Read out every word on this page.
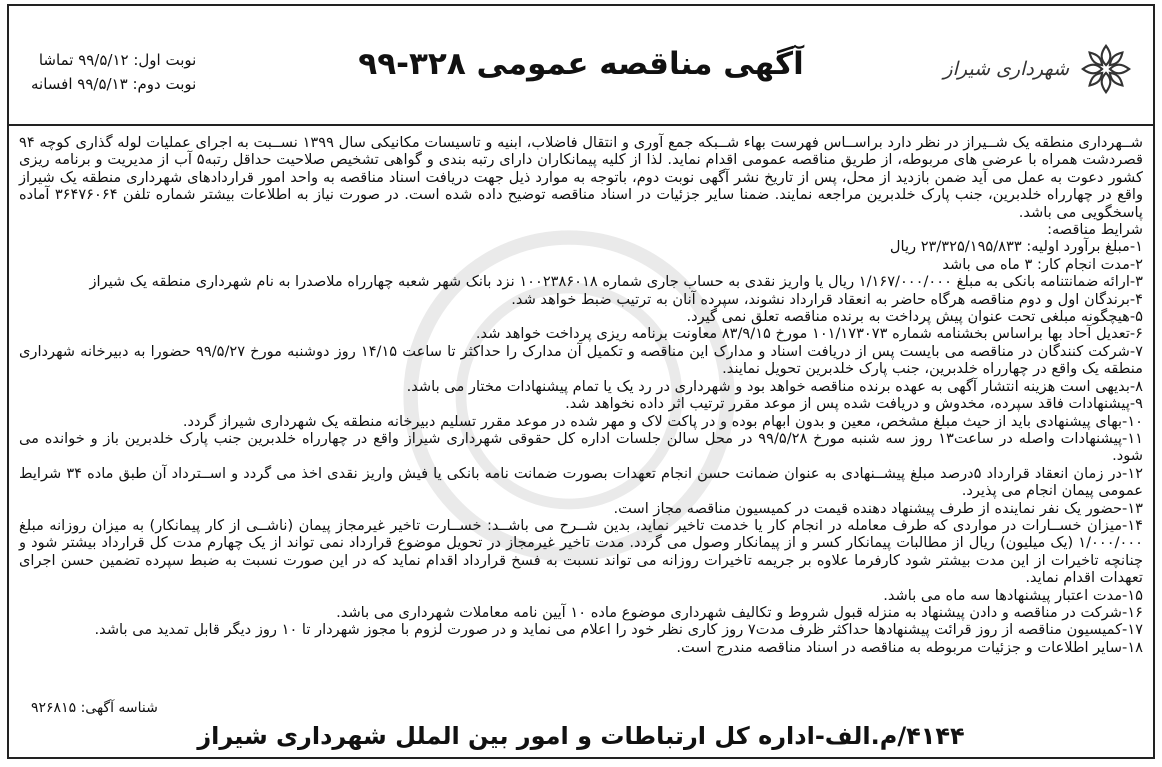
شهرداری شیراز
آگهی مناقصه عمومی ۳۲۸-۹۹
نوبت اول: ۹۹/۵/۱۲ تماشا
نوبت دوم: ۹۹/۵/۱۳ افسانه

شــهرداری منطقه یک شــیراز در نظر دارد براســاس فهرست بهاء شــبکه جمع آوری و انتقال فاضلاب، ابنیه و تاسیسات مکانیکی سال ۱۳۹۹ نســبت به اجرای عملیات لوله گذاری کوچه ۹۴ قصردشت همراه با عرضی های مربوطه، از طریق مناقصه عمومی اقدام نماید. لذا از کلیه پیمانکاران دارای رتبه بندی و گواهی تشخیص صلاحیت حداقل رتبه۵ آب از مدیریت و برنامه ریزی کشور دعوت به عمل می آید ضمن بازدید از محل، پس از تاریخ نشر آگهی نوبت دوم، باتوجه به موارد ذیل جهت دریافت اسناد مناقصه به واحد امور قراردادهای شهرداری منطقه یک شیراز واقع در چهارراه خلدبرین، جنب پارک خلدبرین مراجعه نمایند. ضمنا سایر جزئیات در اسناد مناقصه توضیح داده شده است. در صورت نیاز به اطلاعات بیشتر شماره تلفن ۳۶۴۷۶۰۶۴ آماده پاسخگویی می باشد.

شرایط مناقصه:

۱-مبلغ برآورد اولیه: ۲۳/۳۲۵/۱۹۵/۸۳۳ ریال
۲-مدت انجام کار: ۳ ماه می باشد
۳-ارائه ضمانتنامه بانکی به مبلغ ۱/۱۶۷/۰۰۰/۰۰۰ ریال یا واریز نقدی به حساب جاری شماره ۱۰۰۲۳۸۶۰۱۸ نزد بانک شهر شعبه چهارراه ملاصدرا به نام شهرداری منطقه یک شیراز
۴-برندگان اول و دوم مناقصه هرگاه حاضر به انعقاد قرارداد نشوند، سپرده آنان به ترتیب ضبط خواهد شد.
۵-هیچگونه مبلغی تحت عنوان پیش پرداخت به برنده مناقصه تعلق نمی گیرد.
۶-تعدیل آحاد بها براساس بخشنامه شماره ۱۰۱/۱۷۳۰۷۳ مورخ ۸۳/۹/۱۵ معاونت برنامه ریزی پرداخت خواهد شد.
۷-شرکت کنندگان در مناقصه می بایست پس از دریافت اسناد و مدارک این مناقصه و تکمیل آن مدارک را حداکثر تا ساعت ۱۴/۱۵ روز دوشنبه مورخ ۹۹/۵/۲۷ حضورا به دبیرخانه شهرداری منطقه یک واقع در چهارراه خلدبرین، جنب پارک خلدبرین تحویل نمایند.
۸-بدیهی است هزینه انتشار آگهی به عهده برنده مناقصه خواهد بود و شهرداری در رد یک یا تمام پیشنهادات مختار می باشد.
۹-پیشنهادات فاقد سپرده، مخدوش و دریافت شده پس از موعد مقرر ترتیب اثر داده نخواهد شد.
۱۰-بهای پیشنهادی باید از حیث مبلغ مشخص، معین و بدون ابهام بوده و در پاکت لاک و مهر شده در موعد مقرر تسلیم دبیرخانه منطقه یک شهرداری شیراز گردد.
۱۱-پیشنهادات واصله در ساعت۱۳ روز سه شنبه مورخ ۹۹/۵/۲۸ در محل سالن جلسات اداره کل حقوقی شهرداری شیراز واقع در چهارراه خلدبرین جنب پارک خلدبرین باز و خوانده می شود.
۱۲-در زمان انعقاد قرارداد ۵درصد مبلغ پیشــنهادی به عنوان ضمانت حسن انجام تعهدات بصورت ضمانت نامه بانکی یا فیش واریز نقدی اخذ می گردد و اســترداد آن طبق ماده ۳۴ شرایط عمومی پیمان انجام می پذیرد.
۱۳-حضور یک نفر نماینده از طرف پیشنهاد دهنده قیمت در کمیسیون مناقصه مجاز است.
۱۴-میزان خســارات در مواردی که طرف معامله در انجام کار یا خدمت تاخیر نماید، بدین شــرح می باشــد: خســارت تاخیر غیرمجاز پیمان (ناشــی از کار پیمانکار) به میزان روزانه مبلغ ۱/۰۰۰/۰۰۰ (یک میلیون) ریال از مطالبات پیمانکار کسر و از پیمانکار وصول می گردد. مدت تاخیر غیرمجاز در تحویل موضوع قرارداد نمی تواند از یک چهارم مدت کل قرارداد بیشتر شود و چنانچه تاخیرات از این مدت بیشتر شود کارفرما علاوه بر جریمه تاخیرات روزانه می تواند نسبت به فسخ قرارداد اقدام نماید که در این صورت نسبت به ضبط سپرده تضمین حسن اجرای تعهدات اقدام نماید.
۱۵-مدت اعتبار پیشنهادها سه ماه می باشد.
۱۶-شرکت در مناقصه و دادن پیشنهاد به منزله قبول شروط و تکالیف شهرداری موضوع ماده ۱۰ آیین نامه معاملات شهرداری می باشد.
۱۷-کمیسیون مناقصه از روز قرائت پیشنهادها حداکثر ظرف مدت۷ روز کاری نظر خود را اعلام می نماید و در صورت لزوم با مجوز شهردار تا ۱۰ روز دیگر قابل تمدید می باشد.
۱۸-سایر اطلاعات و جزئیات مربوطه به مناقصه در اسناد مناقصه مندرج است.
شناسه آگهی: ۹۲۶۸۱۵
۴۱۴۴/م.الف-اداره کل ارتباطات و امور بین الملل شهرداری شیراز
